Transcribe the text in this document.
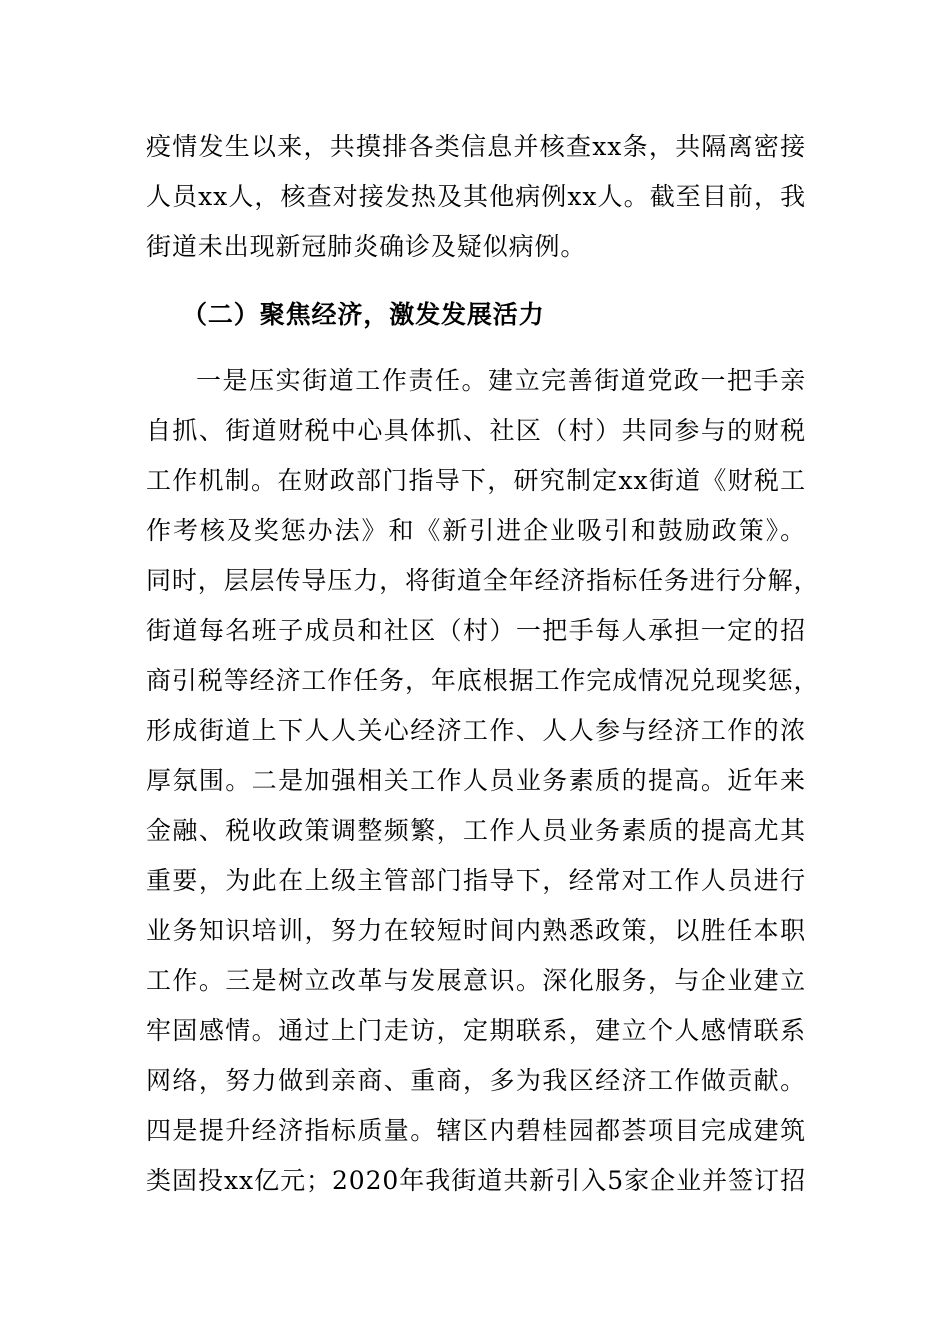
疫情发生以来，共摸排各类信息并核查xx条，共隔离密接
人员xx人，核查对接发热及其他病例xx人。截至目前，我
街道未出现新冠肺炎确诊及疑似病例。
（二）聚焦经济，激发发展活力
一是压实街道工作责任。建立完善街道党政一把手亲
自抓、街道财税中心具体抓、社区（村）共同参与的财税
工作机制。在财政部门指导下，研究制定xx街道《财税工
作考核及奖惩办法》和《新引进企业吸引和鼓励政策》。
同时，层层传导压力，将街道全年经济指标任务进行分解，
街道每名班子成员和社区（村）一把手每人承担一定的招
商引税等经济工作任务，年底根据工作完成情况兑现奖惩，
形成街道上下人人关心经济工作、人人参与经济工作的浓
厚氛围。二是加强相关工作人员业务素质的提高。近年来
金融、税收政策调整频繁，工作人员业务素质的提高尤其
重要，为此在上级主管部门指导下，经常对工作人员进行
业务知识培训，努力在较短时间内熟悉政策，以胜任本职
工作。三是树立改革与发展意识。深化服务，与企业建立
牢固感情。通过上门走访，定期联系，建立个人感情联系
网络，努力做到亲商、重商，多为我区经济工作做贡献。
四是提升经济指标质量。辖区内碧桂园都荟项目完成建筑
类固投xx亿元；2020年我街道共新引入5家企业并签订招
